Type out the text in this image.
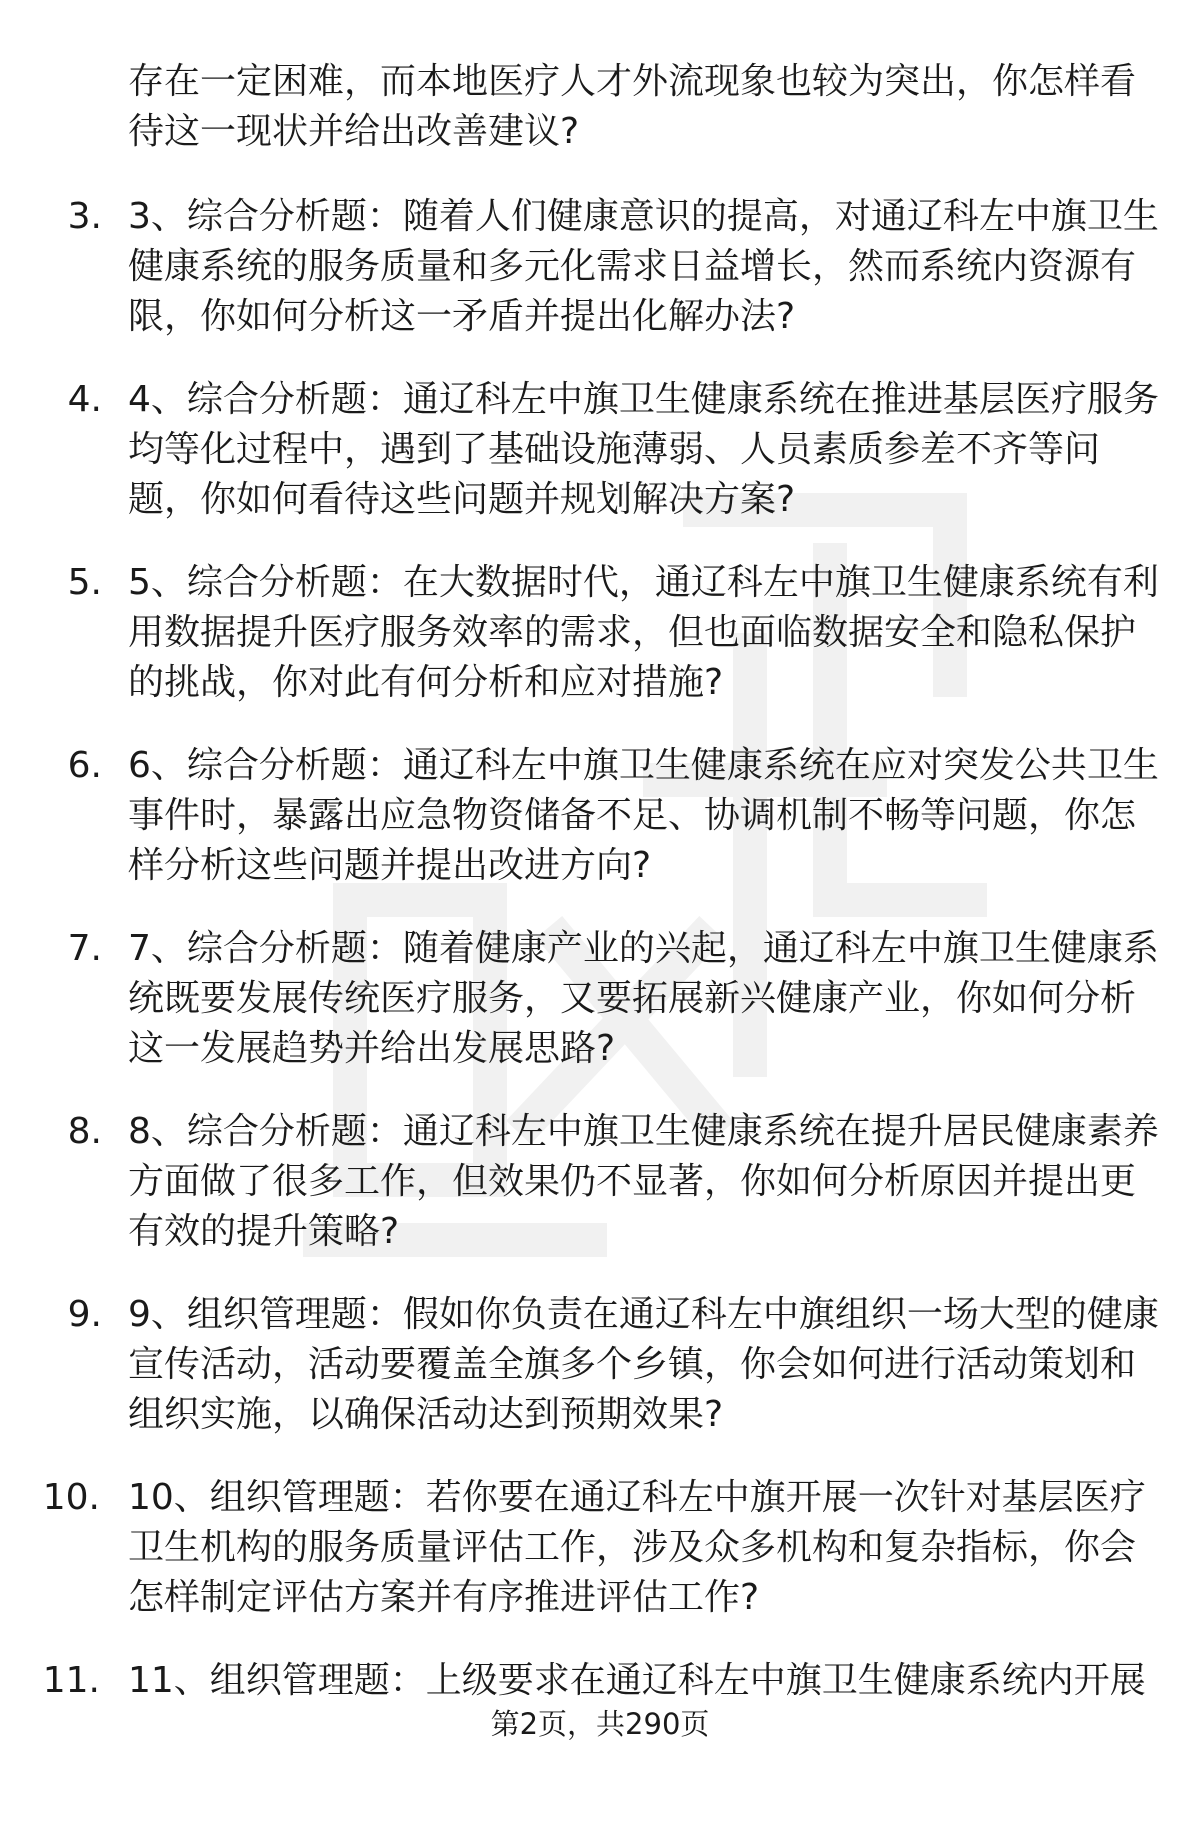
存在一定困难，而本地医疗人才外流现象也较为突出，你怎样看待这一现状并给出改善建议?

3. 3、综合分析题：随着人们健康意识的提高，对通辽科左中旗卫生健康系统的服务质量和多元化需求日益增长，然而系统内资源有限，你如何分析这一矛盾并提出化解办法?

4. 4、综合分析题：通辽科左中旗卫生健康系统在推进基层医疗服务均等化过程中，遇到了基础设施薄弱、人员素质参差不齐等问题，你如何看待这些问题并规划解决方案?

5. 5、综合分析题：在大数据时代，通辽科左中旗卫生健康系统有利用数据提升医疗服务效率的需求，但也面临数据安全和隐私保护的挑战，你对此有何分析和应对措施?

6. 6、综合分析题：通辽科左中旗卫生健康系统在应对突发公共卫生事件时，暴露出应急物资储备不足、协调机制不畅等问题，你怎样分析这些问题并提出改进方向?

7. 7、综合分析题：随着健康产业的兴起，通辽科左中旗卫生健康系统既要发展传统医疗服务，又要拓展新兴健康产业，你如何分析这一发展趋势并给出发展思路?

8. 8、综合分析题：通辽科左中旗卫生健康系统在提升居民健康素养方面做了很多工作，但效果仍不显著，你如何分析原因并提出更有效的提升策略?

9. 9、组织管理题：假如你负责在通辽科左中旗组织一场大型的健康宣传活动，活动要覆盖全旗多个乡镇，你会如何进行活动策划和组织实施，以确保活动达到预期效果?

10. 10、组织管理题：若你要在通辽科左中旗开展一次针对基层医疗卫生机构的服务质量评估工作，涉及众多机构和复杂指标，你会怎样制定评估方案并有序推进评估工作?

11. 11、组织管理题：上级要求在通辽科左中旗卫生健康系统内开展

第2页，共290页
